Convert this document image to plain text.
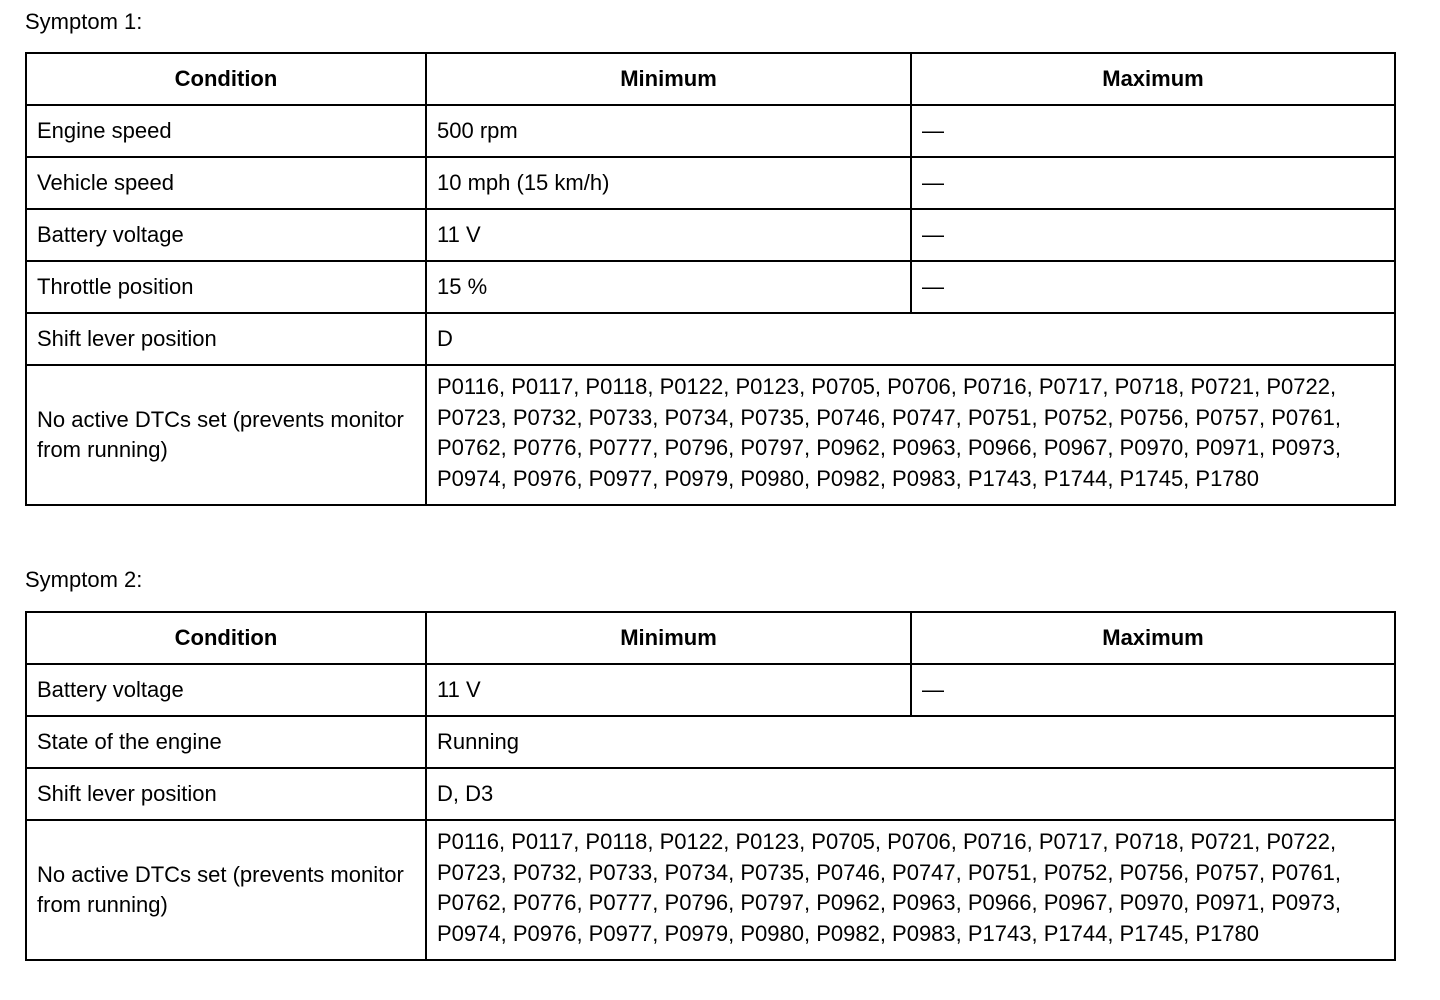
Symptom 1:
Condition	Minimum	Maximum
Engine speed	500 rpm	—
Vehicle speed	10 mph (15 km/h)	—
Battery voltage	11 V	—
Throttle position	15 %	—
Shift lever position	D	
No active DTCs set (prevents monitor from running)	P0116, P0117, P0118, P0122, P0123, P0705, P0706, P0716, P0717, P0718, P0721, P0722, P0723, P0732, P0733, P0734, P0735, P0746, P0747, P0751, P0752, P0756, P0757, P0761, P0762, P0776, P0777, P0796, P0797, P0962, P0963, P0966, P0967, P0970, P0971, P0973, P0974, P0976, P0977, P0979, P0980, P0982, P0983, P1743, P1744, P1745, P1780	
Symptom 2:
Condition	Minimum	Maximum
Battery voltage	11 V	—
State of the engine	Running	
Shift lever position	D, D3	
No active DTCs set (prevents monitor from running)	P0116, P0117, P0118, P0122, P0123, P0705, P0706, P0716, P0717, P0718, P0721, P0722, P0723, P0732, P0733, P0734, P0735, P0746, P0747, P0751, P0752, P0756, P0757, P0761, P0762, P0776, P0777, P0796, P0797, P0962, P0963, P0966, P0967, P0970, P0971, P0973, P0974, P0976, P0977, P0979, P0980, P0982, P0983, P1743, P1744, P1745, P1780	
